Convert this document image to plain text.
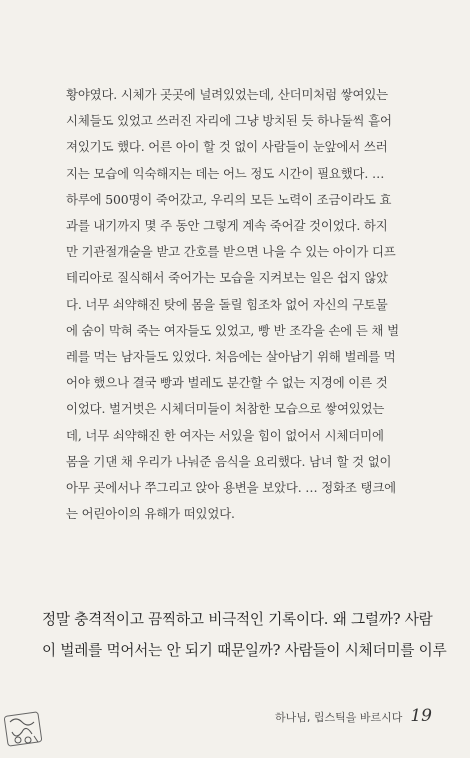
황야였다. 시체가 곳곳에 널려있었는데, 산더미처럼 쌓여있는
시체들도 있었고 쓰러진 자리에 그냥 방치된 듯 하나둘씩 흩어
져있기도 했다. 어른 아이 할 것 없이 사람들이 눈앞에서 쓰러
지는 모습에 익숙해지는 데는 어느 정도 시간이 필요했다. …
하루에 500명이 죽어갔고, 우리의 모든 노력이 조금이라도 효
과를 내기까지 몇 주 동안 그렇게 계속 죽어갈 것이었다. 하지
만 기관절개술을 받고 간호를 받으면 나을 수 있는 아이가 디프
테리아로 질식해서 죽어가는 모습을 지켜보는 일은 쉽지 않았
다. 너무 쇠약해진 탓에 몸을 돌릴 힘조차 없어 자신의 구토물
에 숨이 막혀 죽는 여자들도 있었고, 빵 반 조각을 손에 든 채 벌
레를 먹는 남자들도 있었다. 처음에는 살아남기 위해 벌레를 먹
어야 했으나 결국 빵과 벌레도 분간할 수 없는 지경에 이른 것
이었다. 벌거벗은 시체더미들이 처참한 모습으로 쌓여있었는
데, 너무 쇠약해진 한 여자는 서있을 힘이 없어서 시체더미에
몸을 기댄 채 우리가 나눠준 음식을 요리했다. 남녀 할 것 없이
아무 곳에서나 쭈그리고 앉아 용변을 보았다. … 정화조 탱크에
는 어린아이의 유해가 떠있었다.
정말 충격적이고 끔찍하고 비극적인 기록이다. 왜 그럴까? 사람
이 벌레를 먹어서는 안 되기 때문일까? 사람들이 시체더미를 이루
하나님, 립스틱을 바르시다 19
